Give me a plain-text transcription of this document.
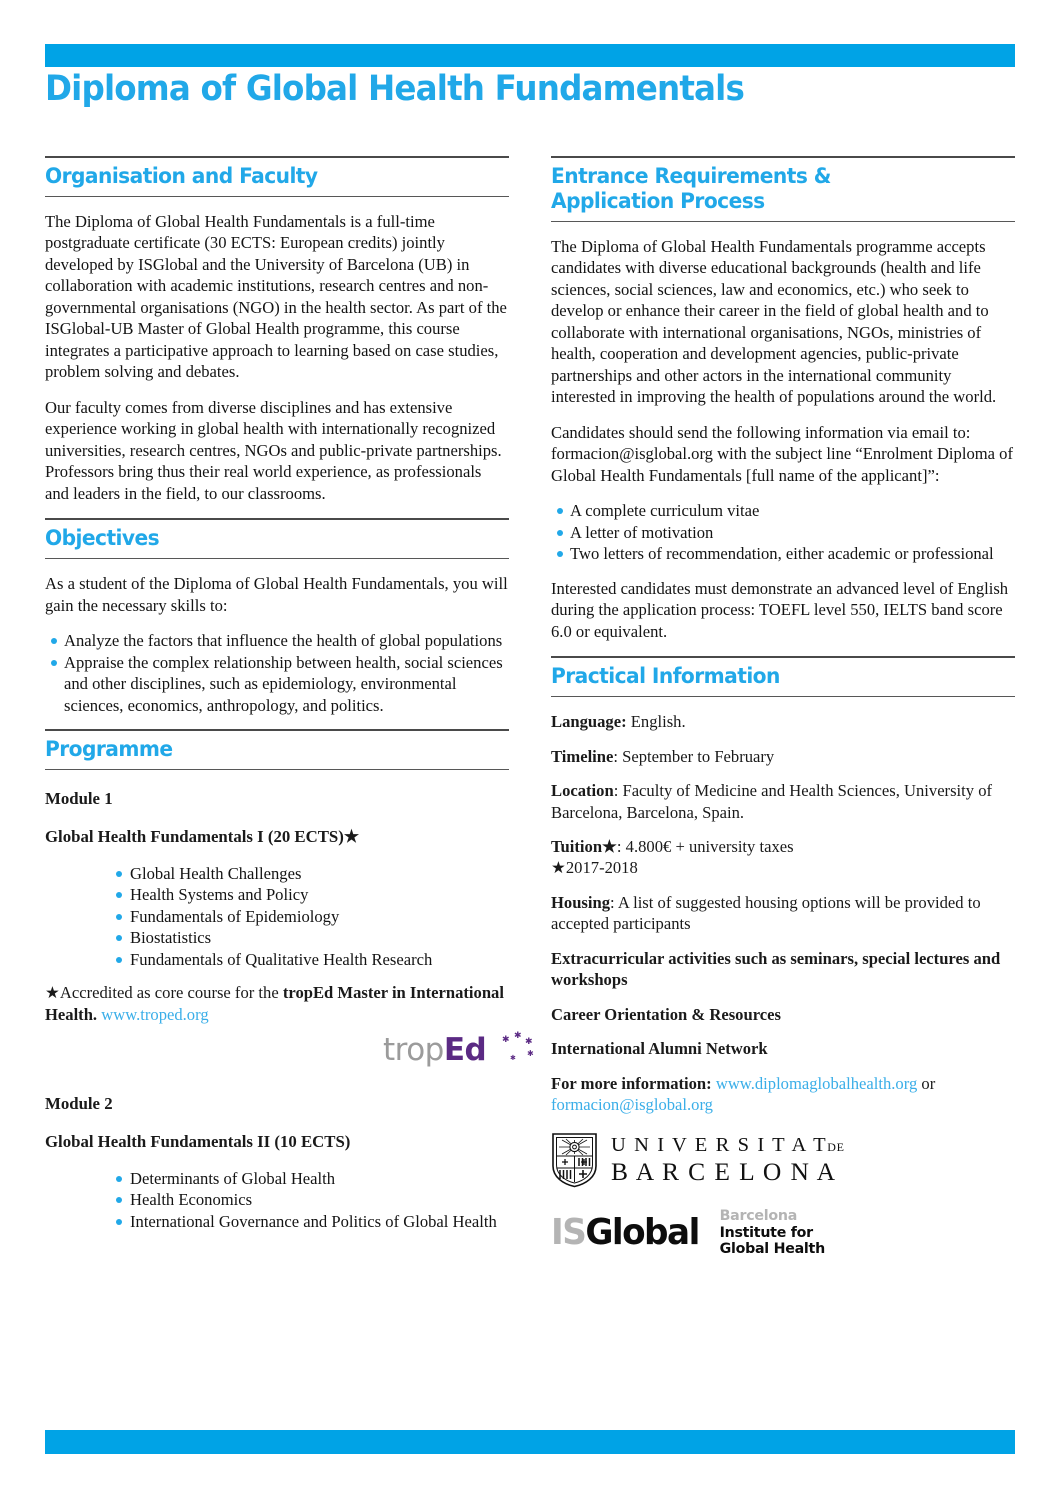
Diploma of Global Health Fundamentals
Organisation and Faculty

The Diploma of Global Health Fundamentals is a full-time postgraduate certificate (30 ECTS: European credits) jointly developed by ISGlobal and the University of Barcelona (UB) in collaboration with academic institutions, research centres and non-governmental organisations (NGO) in the health sector. As part of the ISGlobal-UB Master of Global Health programme, this course integrates a participative approach to learning based on case studies, problem solving and debates.

Our faculty comes from diverse disciplines and has extensive experience working in global health with internationally recognized universities, research centres, NGOs and public-private partnerships. Professors bring thus their real world experience, as professionals and leaders in the field, to our classrooms.

Objectives

As a student of the Diploma of Global Health Fundamentals, you will gain the necessary skills to:

Analyze the factors that influence the health of global populations
Appraise the complex relationship between health, social sciences and other disciplines, such as epidemiology, environmental sciences, economics, anthropology, and politics.
Programme
Module 1
Global Health Fundamentals I (20 ECTS)★
Global Health Challenges
Health Systems and Policy
Fundamentals of Epidemiology
Biostatistics
Fundamentals of Qualitative Health Research

★Accredited as core course for the tropEd Master in International Health. www.troped.org

tropEd ✱ ✱
✱
✱
✱
Module 2
Global Health Fundamentals II (10 ECTS)
Determinants of Global Health
Health Economics
International Governance and Politics of Global Health
Entrance Requirements &
Application Process

The Diploma of Global Health Fundamentals programme accepts candidates with diverse educational backgrounds (health and life sciences, social sciences, law and economics, etc.) who seek to develop or enhance their career in the field of global health and to collaborate with international organisations, NGOs, ministries of health, cooperation and development agencies, public-private partnerships and other actors in the international community interested in improving the health of populations around the world.

Candidates should send the following information via email to: formacion@isglobal.org with the subject line “Enrolment Diploma of Global Health Fundamentals [full name of the applicant]”:

A complete curriculum vitae
A letter of motivation
Two letters of recommendation, either academic or professional

Interested candidates must demonstrate an advanced level of English during the application process: TOEFL level 550, IELTS band score 6.0 or equivalent.

Practical Information
Language: English.
Timeline: September to February
Location: Faculty of Medicine and Health Sciences, University of Barcelona, Barcelona, Spain.
Tuition★: 4.800€ + university taxes
★2017-2018
Housing: A list of suggested housing options will be provided to accepted participants
Extracurricular activities such as seminars, special lectures and workshops
Career Orientation & Resources
International Alumni Network
For more information: www.diplomaglobalhealth.org or
formacion@isglobal.org
U N I V E R S I T A TDE
B A R C E L O N A
ISGlobal Barcelona
Institute for
Global Health
